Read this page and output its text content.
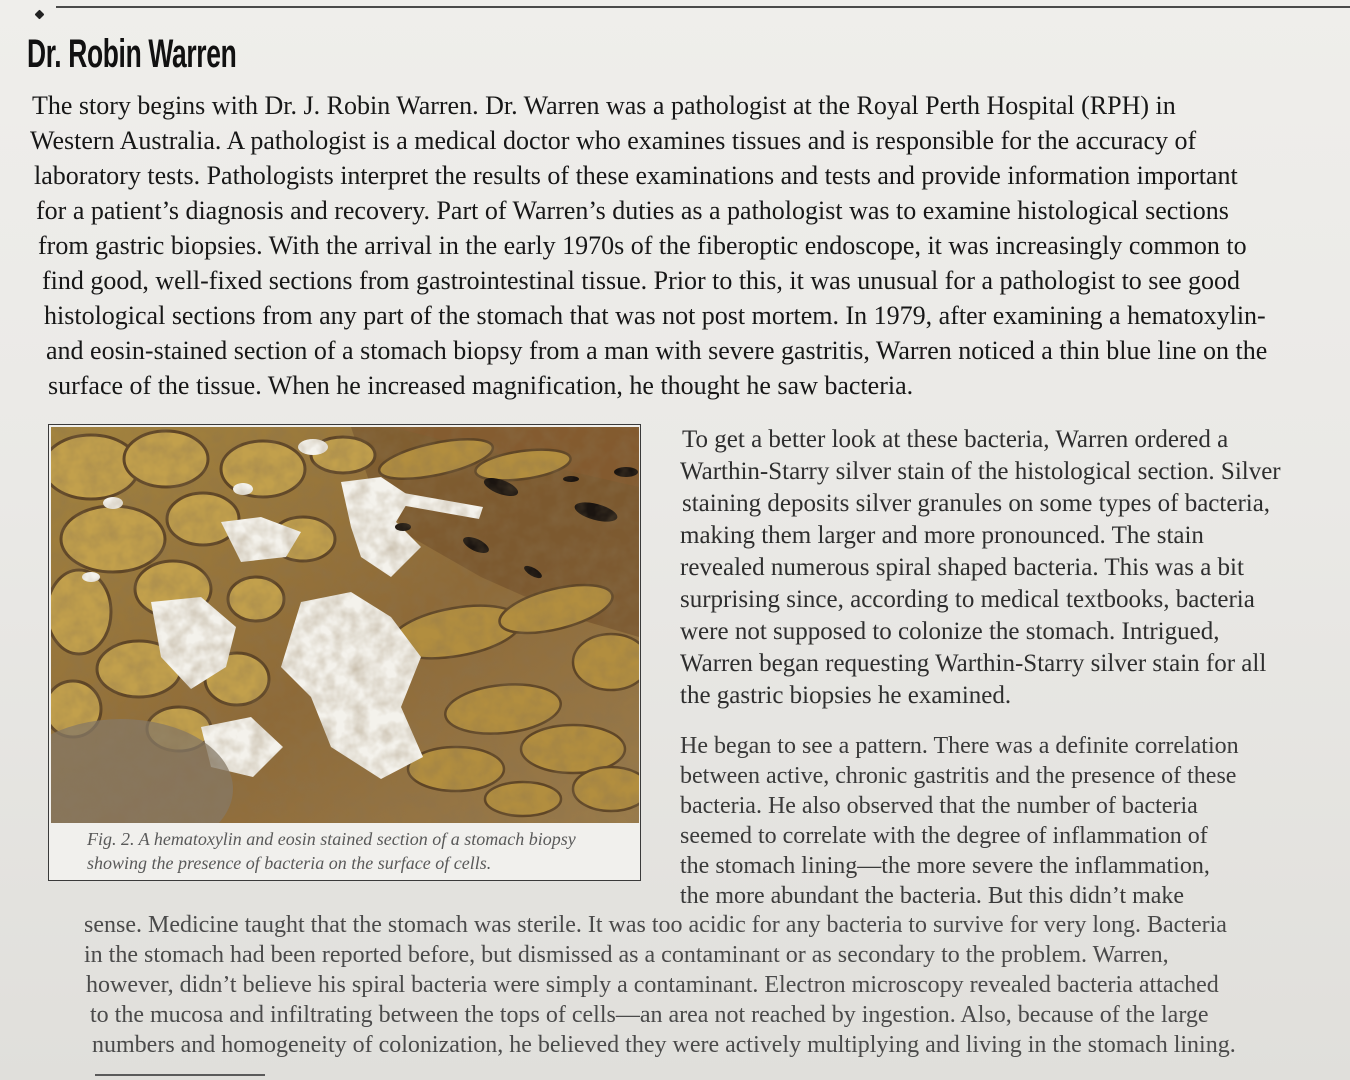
Dr. Robin Warren
The story begins with Dr. J. Robin Warren. Dr. Warren was a pathologist at the Royal Perth Hospital (RPH) in
Western Australia. A pathologist is a medical doctor who examines tissues and is responsible for the accuracy of
laboratory tests. Pathologists interpret the results of these examinations and tests and provide information important
for a patient’s diagnosis and recovery. Part of Warren’s duties as a pathologist was to examine histological sections
from gastric biopsies. With the arrival in the early 1970s of the fiberoptic endoscope, it was increasingly common to
find good, well-fixed sections from gastrointestinal tissue. Prior to this, it was unusual for a pathologist to see good
histological sections from any part of the stomach that was not post mortem. In 1979, after examining a hematoxylin-
and eosin-stained section of a stomach biopsy from a man with severe gastritis, Warren noticed a thin blue line on the
surface of the tissue. When he increased magnification, he thought he saw bacteria.
Fig. 2. A hematoxylin and eosin stained section of a stomach biopsy
showing the presence of bacteria on the surface of cells.
To get a better look at these bacteria, Warren ordered a
Warthin-Starry silver stain of the histological section. Silver
staining deposits silver granules on some types of bacteria,
making them larger and more pronounced. The stain
revealed numerous spiral shaped bacteria. This was a bit
surprising since, according to medical textbooks, bacteria
were not supposed to colonize the stomach. Intrigued,
Warren began requesting Warthin-Starry silver stain for all
the gastric biopsies he examined.
He began to see a pattern. There was a definite correlation
between active, chronic gastritis and the presence of these
bacteria. He also observed that the number of bacteria
seemed to correlate with the degree of inflammation of
the stomach lining—the more severe the inflammation,
the more abundant the bacteria. But this didn’t make
sense. Medicine taught that the stomach was sterile. It was too acidic for any bacteria to survive for very long. Bacteria
in the stomach had been reported before, but dismissed as a contaminant or as secondary to the problem. Warren,
however, didn’t believe his spiral bacteria were simply a contaminant. Electron microscopy revealed bacteria attached
to the mucosa and infiltrating between the tops of cells—an area not reached by ingestion. Also, because of the large
numbers and homogeneity of colonization, he believed they were actively multiplying and living in the stomach lining.
